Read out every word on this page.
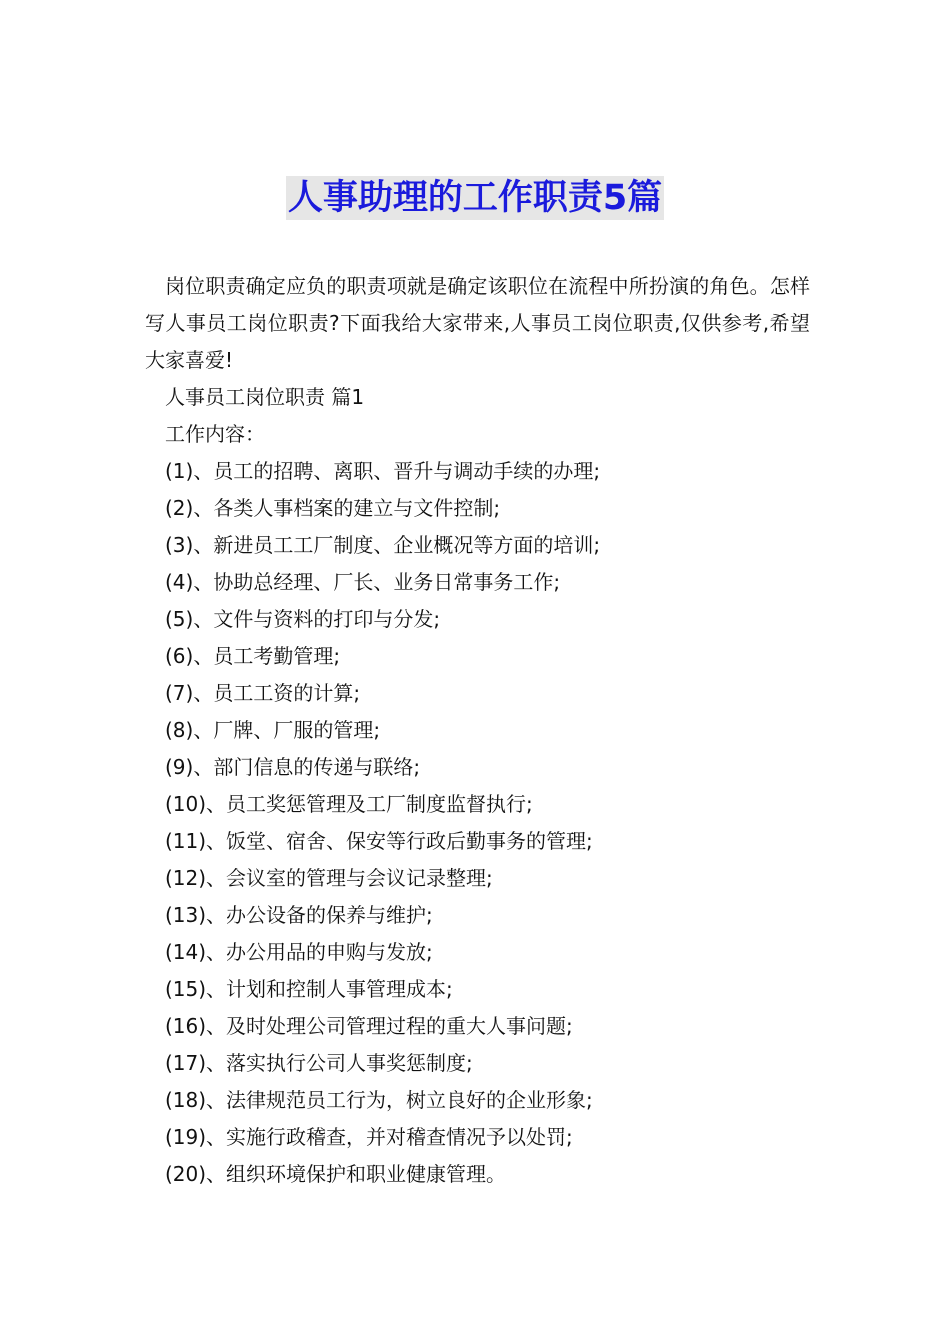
人事助理的工作职责5篇

岗位职责确定应负的职责项就是确定该职位在流程中所扮演的角色。怎样写人事员工岗位职责?下面我给大家带来,人事员工岗位职责,仅供参考,希望大家喜爱!

人事员工岗位职责 篇1

工作内容：

(1)、员工的招聘、离职、晋升与调动手续的办理;

(2)、各类人事档案的建立与文件控制;

(3)、新进员工工厂制度、企业概况等方面的培训;

(4)、协助总经理、厂长、业务日常事务工作;

(5)、文件与资料的打印与分发;

(6)、员工考勤管理;

(7)、员工工资的计算;

(8)、厂牌、厂服的管理;

(9)、部门信息的传递与联络;

(10)、员工奖惩管理及工厂制度监督执行;

(11)、饭堂、宿舍、保安等行政后勤事务的管理;

(12)、会议室的管理与会议记录整理;

(13)、办公设备的保养与维护;

(14)、办公用品的申购与发放;

(15)、计划和控制人事管理成本;

(16)、及时处理公司管理过程的重大人事问题;

(17)、落实执行公司人事奖惩制度;

(18)、法律规范员工行为，树立良好的企业形象;

(19)、实施行政稽查，并对稽查情况予以处罚;

(20)、组织环境保护和职业健康管理。
